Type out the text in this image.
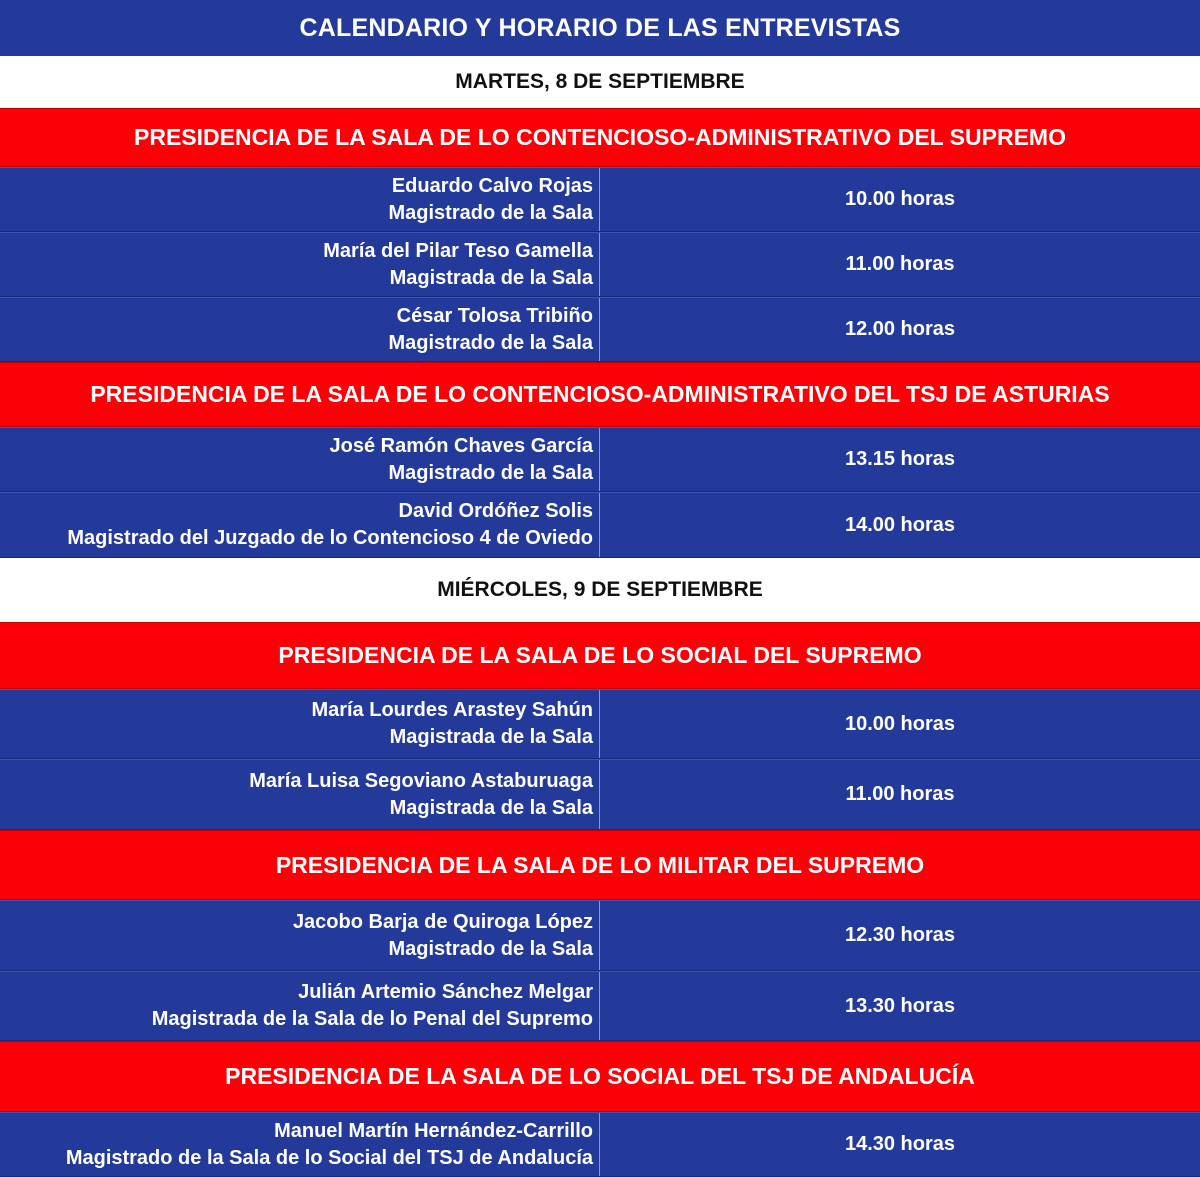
CALENDARIO Y HORARIO DE LAS ENTREVISTAS
MARTES, 8 DE SEPTIEMBRE
PRESIDENCIA DE LA SALA DE LO CONTENCIOSO-ADMINISTRATIVO DEL SUPREMO
Eduardo Calvo Rojas
Magistrado de la Sala
10.00 horas
María del Pilar Teso Gamella
Magistrada de la Sala
11.00 horas
César Tolosa Tribiño
Magistrado de la Sala
12.00 horas
PRESIDENCIA DE LA SALA DE LO CONTENCIOSO-ADMINISTRATIVO DEL TSJ DE ASTURIAS
José Ramón Chaves García
Magistrado de la Sala
13.15 horas
David Ordóñez Solis
Magistrado del Juzgado de lo Contencioso 4 de Oviedo
14.00 horas
MIÉRCOLES, 9 DE SEPTIEMBRE
PRESIDENCIA DE LA SALA DE LO SOCIAL DEL SUPREMO
María Lourdes Arastey Sahún
Magistrada de la Sala
10.00 horas
María Luisa Segoviano Astaburuaga
Magistrada de la Sala
11.00 horas
PRESIDENCIA DE LA SALA DE LO MILITAR DEL SUPREMO
Jacobo Barja de Quiroga López
Magistrado de la Sala
12.30 horas
Julián Artemio Sánchez Melgar
Magistrada de la Sala de lo Penal del Supremo
13.30 horas
PRESIDENCIA DE LA SALA DE LO SOCIAL DEL TSJ DE ANDALUCÍA
Manuel Martín Hernández-Carrillo
Magistrado de la Sala de lo Social del TSJ de Andalucía
14.30 horas
